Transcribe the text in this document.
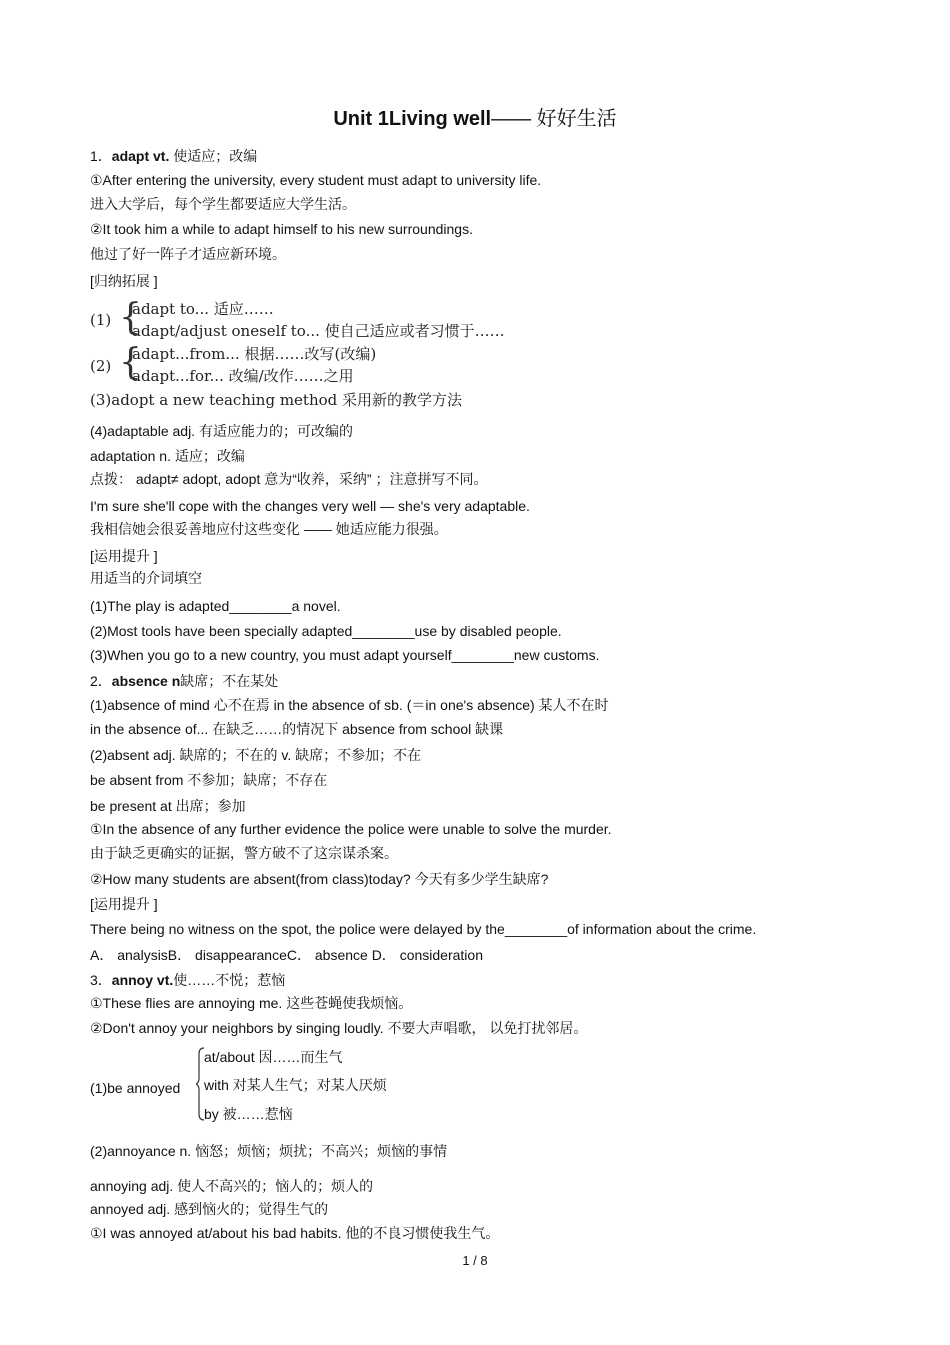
Unit 1Living well—— 好好生活
1．adapt vt. 使适应；改编
①After entering the university, every student must adapt to university life.
进入大学后，每个学生都要适应大学生活。
②It took him a while to adapt himself to his new surroundings.
他过了好一阵子才适应新环境。
[归纳拓展 ]
(1) {
adapt to... 适应……
adapt/adjust oneself to... 使自己适应或者习惯于……
(2) {
adapt...from... 根据……改写(改编)
adapt...for... 改编/改作……之用
(3)adopt a new teaching method 采用新的教学方法
(4)adaptable adj. 有适应能力的；可改编的
adaptation n. 适应；改编
点拨： adapt≠ adopt, adopt 意为“收养，采纳” ；注意拼写不同。
I'm sure she'll cope with the changes very well — she's very adaptable.
我相信她会很妥善地应付这些变化 —— 她适应能力很强。
[运用提升 ]
用适当的介词填空
(1)The play is adapted________a novel.
(2)Most tools have been specially adapted________use by disabled people.
(3)When you go to a new country, you must adapt yourself________new customs.
2．absence n缺席；不在某处
(1)absence of mind 心不在焉 in the absence of sb. (＝in one's absence) 某人不在时
in the absence of... 在缺乏……的情况下 absence from school 缺课
(2)absent adj. 缺席的；不在的 v. 缺席；不参加；不在
be absent from 不参加；缺席；不存在
be present at 出席；参加
①In the absence of any further evidence the police were unable to solve the murder.
由于缺乏更确实的证据，警方破不了这宗谋杀案。
②How many students are absent(from class)today? 今天有多少学生缺席?
[运用提升 ]
There being no witness on the spot, the police were delayed by the________of information about the crime.
A． analysisB． disappearanceC． absence D． consideration
3．annoy vt.使……不悦；惹恼
①These flies are annoying me. 这些苍蝇使我烦恼。
②Don't annoy your neighbors by singing loudly. 不要大声唱歌， 以免打扰邻居。
(1)be annoyed
at/about 因……而生气
with 对某人生气；对某人厌烦
by 被……惹恼
(2)annoyance n. 恼怒；烦恼；烦扰；不高兴；烦恼的事情
annoying adj. 使人不高兴的；恼人的；烦人的
annoyed adj. 感到恼火的；觉得生气的
①I was annoyed at/about his bad habits. 他的不良习惯使我生气。
1 / 8
